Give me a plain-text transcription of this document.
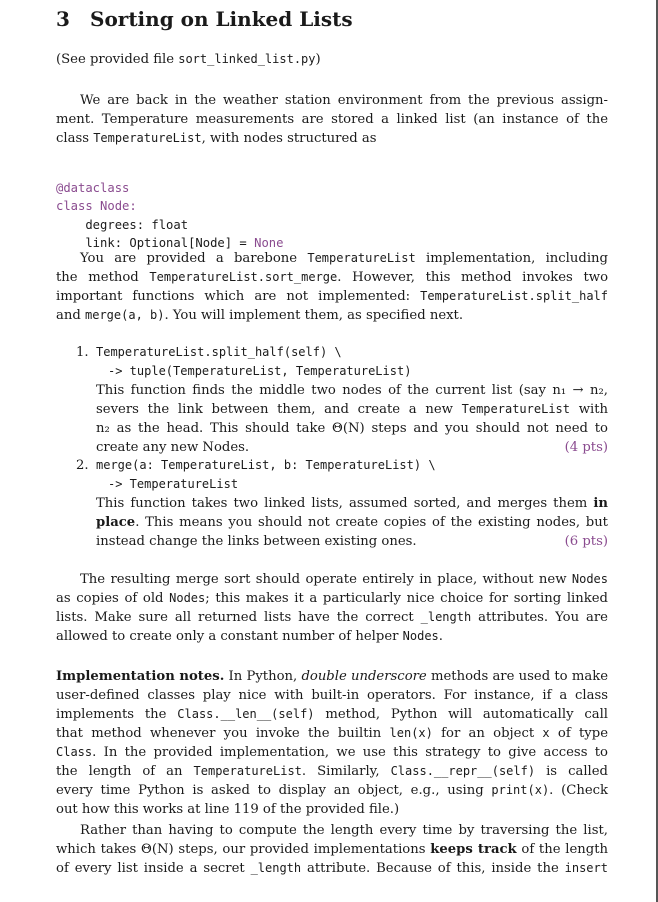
3 Sorting on Linked Lists

(See provided file sort_linked_list.py)

We are back in the weather station environment from the previous assign-
ment. Temperature measurements are stored a linked list (an instance of the
class TemperatureList, with nodes structured as

@dataclass
class Node:
degrees: float
link: Optional[Node] = None
You are provided a barebone TemperatureList implementation, including
the method TemperatureList.sort_merge. However, this method invokes two
important functions which are not implemented: TemperatureList.split_half
and merge(a, b). You will implement them, as specified next.
1. TemperatureList.split_half(self) \
-> tuple(TemperatureList, TemperatureList)
This function finds the middle two nodes of the current list (say n₁ → n₂,
severs the link between them, and create a new TemperatureList with
n₂ as the head. This should take Θ(N) steps and you should not need to
create any new Nodes.	(4 pts)
2. merge(a: TemperatureList, b: TemperatureList) \
-> TemperatureList
This function takes two linked lists, assumed sorted, and merges them in
place. This means you should not create copies of the existing nodes, but
instead change the links between existing ones.	(6 pts)
The resulting merge sort should operate entirely in place, without new Nodes
as copies of old Nodes; this makes it a particularly nice choice for sorting linked
lists. Make sure all returned lists have the correct _length attributes. You are
allowed to create only a constant number of helper Nodes.
Implementation notes. In Python, double underscore methods are used to make
user-defined classes play nice with built-in operators. For instance, if a class
implements the Class.__len__(self) method, Python will automatically call
that method whenever you invoke the builtin len(x) for an object x of type
Class. In the provided implementation, we use this strategy to give access to
the length of an TemperatureList. Similarly, Class.__repr__(self) is called
every time Python is asked to display an object, e.g., using print(x). (Check
out how this works at line 119 of the provided file.)
Rather than having to compute the length every time by traversing the list,
which takes Θ(N) steps, our provided implementations keeps track of the length
of every list inside a secret _length attribute. Because of this, inside the insert
